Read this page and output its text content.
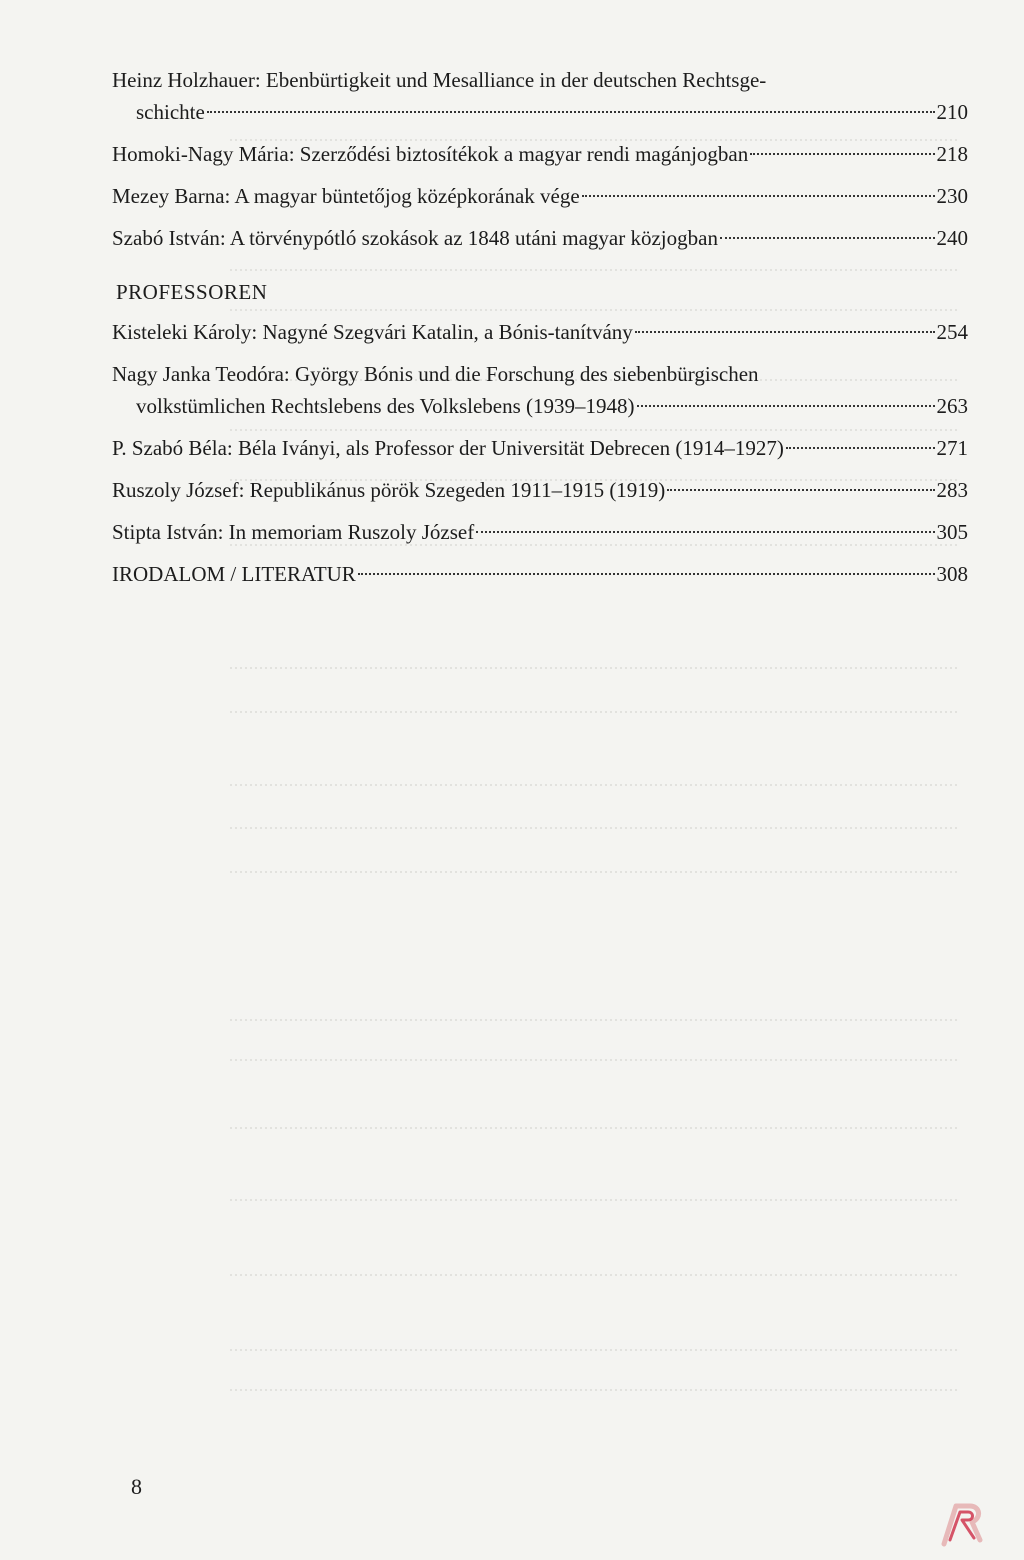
Heinz Holzhauer: Ebenbürtigkeit und Mesalliance in der deutschen Rechtsge-
schichte	210
Homoki-Nagy Mária: Szerződési biztosítékok a magyar rendi magánjogban	218
Mezey Barna: A magyar büntetőjog középkorának vége	230
Szabó István: A törvénypótló szokások az 1848 utáni magyar közjogban	240
PROFESSOREN
Kisteleki Károly: Nagyné Szegvári Katalin, a Bónis-tanítvány	254
Nagy Janka Teodóra: György Bónis und die Forschung des siebenbürgischen
volkstümlichen Rechtslebens des Volkslebens (1939–1948)	263
P. Szabó Béla: Béla Iványi, als Professor der Universität Debrecen (1914–1927)	271
Ruszoly József: Republikánus pörök Szegeden 1911–1915 (1919)	283
Stipta István: In memoriam Ruszoly József	305
IRODALOM / LITERATUR	308
8
